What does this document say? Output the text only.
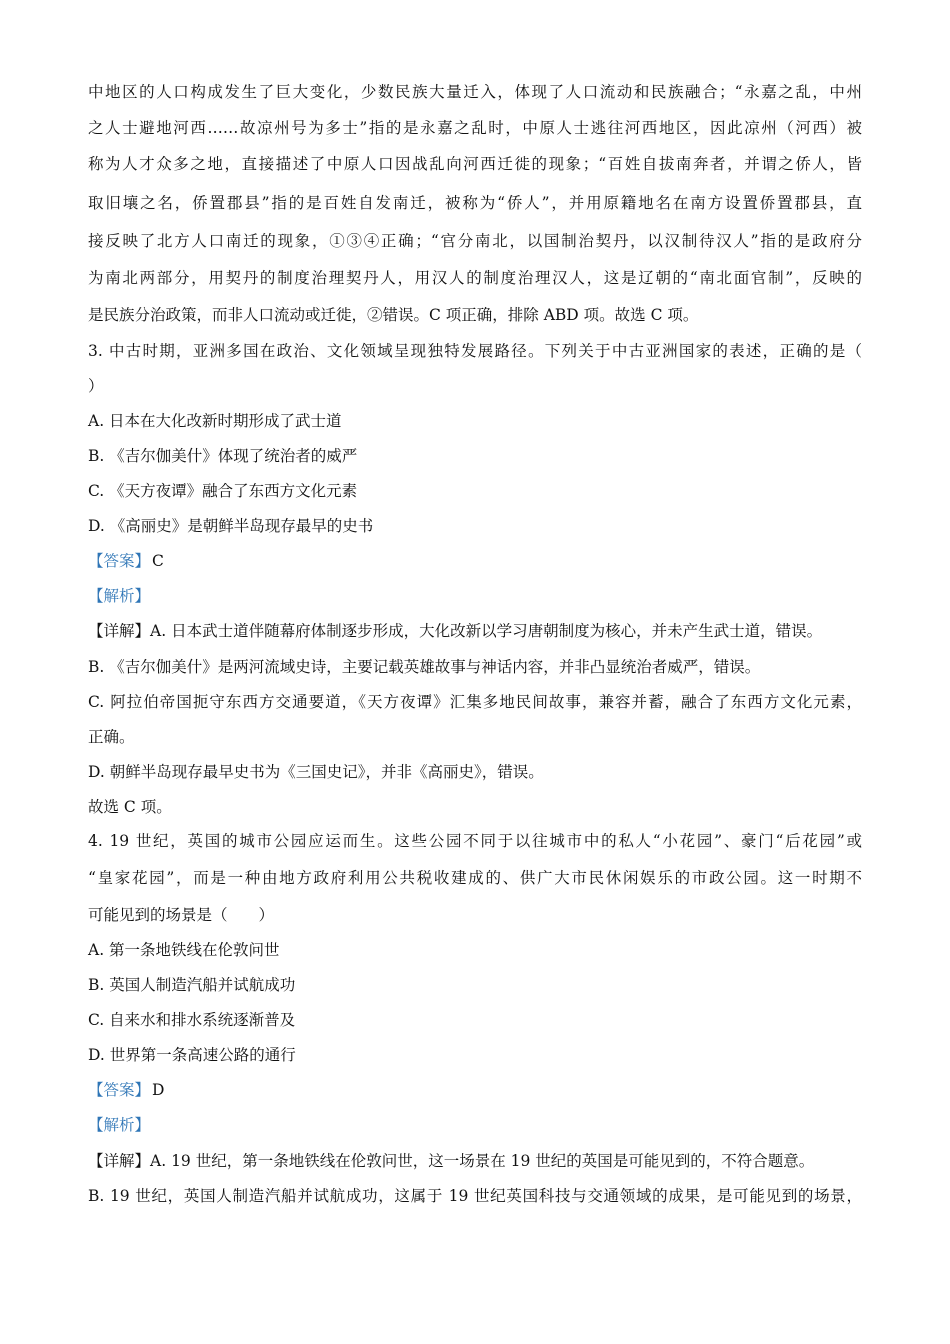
中地区的人口构成发生了巨大变化，少数民族大量迁入，体现了人口流动和民族融合；“永嘉之乱，中州
之人士避地河西……故凉州号为多士”指的是永嘉之乱时，中原人士逃往河西地区，因此凉州（河西）被
称为人才众多之地，直接描述了中原人口因战乱向河西迁徙的现象；“百姓自拔南奔者，并谓之侨人，皆
取旧壤之名，侨置郡县”指的是百姓自发南迁，被称为“侨人”，并用原籍地名在南方设置侨置郡县，直
接反映了北方人口南迁的现象，①③④正确；“官分南北，以国制治契丹，以汉制待汉人”指的是政府分
为南北两部分，用契丹的制度治理契丹人，用汉人的制度治理汉人，这是辽朝的“南北面官制”，反映的
是民族分治政策，而非人口流动或迁徙，②错误。C 项正确，排除 ABD 项。故选 C 项。
3. 中古时期，亚洲多国在政治、文化领域呈现独特发展路径。下列关于中古亚洲国家的表述，正确的是（
）
A. 日本在大化改新时期形成了武士道
B. 《吉尔伽美什》体现了统治者的威严
C. 《天方夜谭》融合了东西方文化元素
D. 《高丽史》是朝鲜半岛现存最早的史书
【答案】 C
【解析】
【详解】A. 日本武士道伴随幕府体制逐步形成，大化改新以学习唐朝制度为核心，并未产生武士道，错误。
B. 《吉尔伽美什》是两河流域史诗，主要记载英雄故事与神话内容，并非凸显统治者威严，错误。
C. 阿拉伯帝国扼守东西方交通要道，《天方夜谭》汇集多地民间故事，兼容并蓄，融合了东西方文化元素，
正确。
D. 朝鲜半岛现存最早史书为《三国史记》，并非《高丽史》，错误。
故选 C 项。
4. 19 世纪，英国的城市公园应运而生。这些公园不同于以往城市中的私人“小花园”、豪门“后花园”或
“皇家花园”，而是一种由地方政府利用公共税收建成的、供广大市民休闲娱乐的市政公园。这一时期不
可能见到的场景是（　　）
A. 第一条地铁线在伦敦问世
B. 英国人制造汽船并试航成功
C. 自来水和排水系统逐渐普及
D. 世界第一条高速公路的通行
【答案】 D
【解析】
【详解】A. 19 世纪，第一条地铁线在伦敦问世，这一场景在 19 世纪的英国是可能见到的，不符合题意。
B. 19 世纪，英国人制造汽船并试航成功，这属于 19 世纪英国科技与交通领域的成果，是可能见到的场景，
